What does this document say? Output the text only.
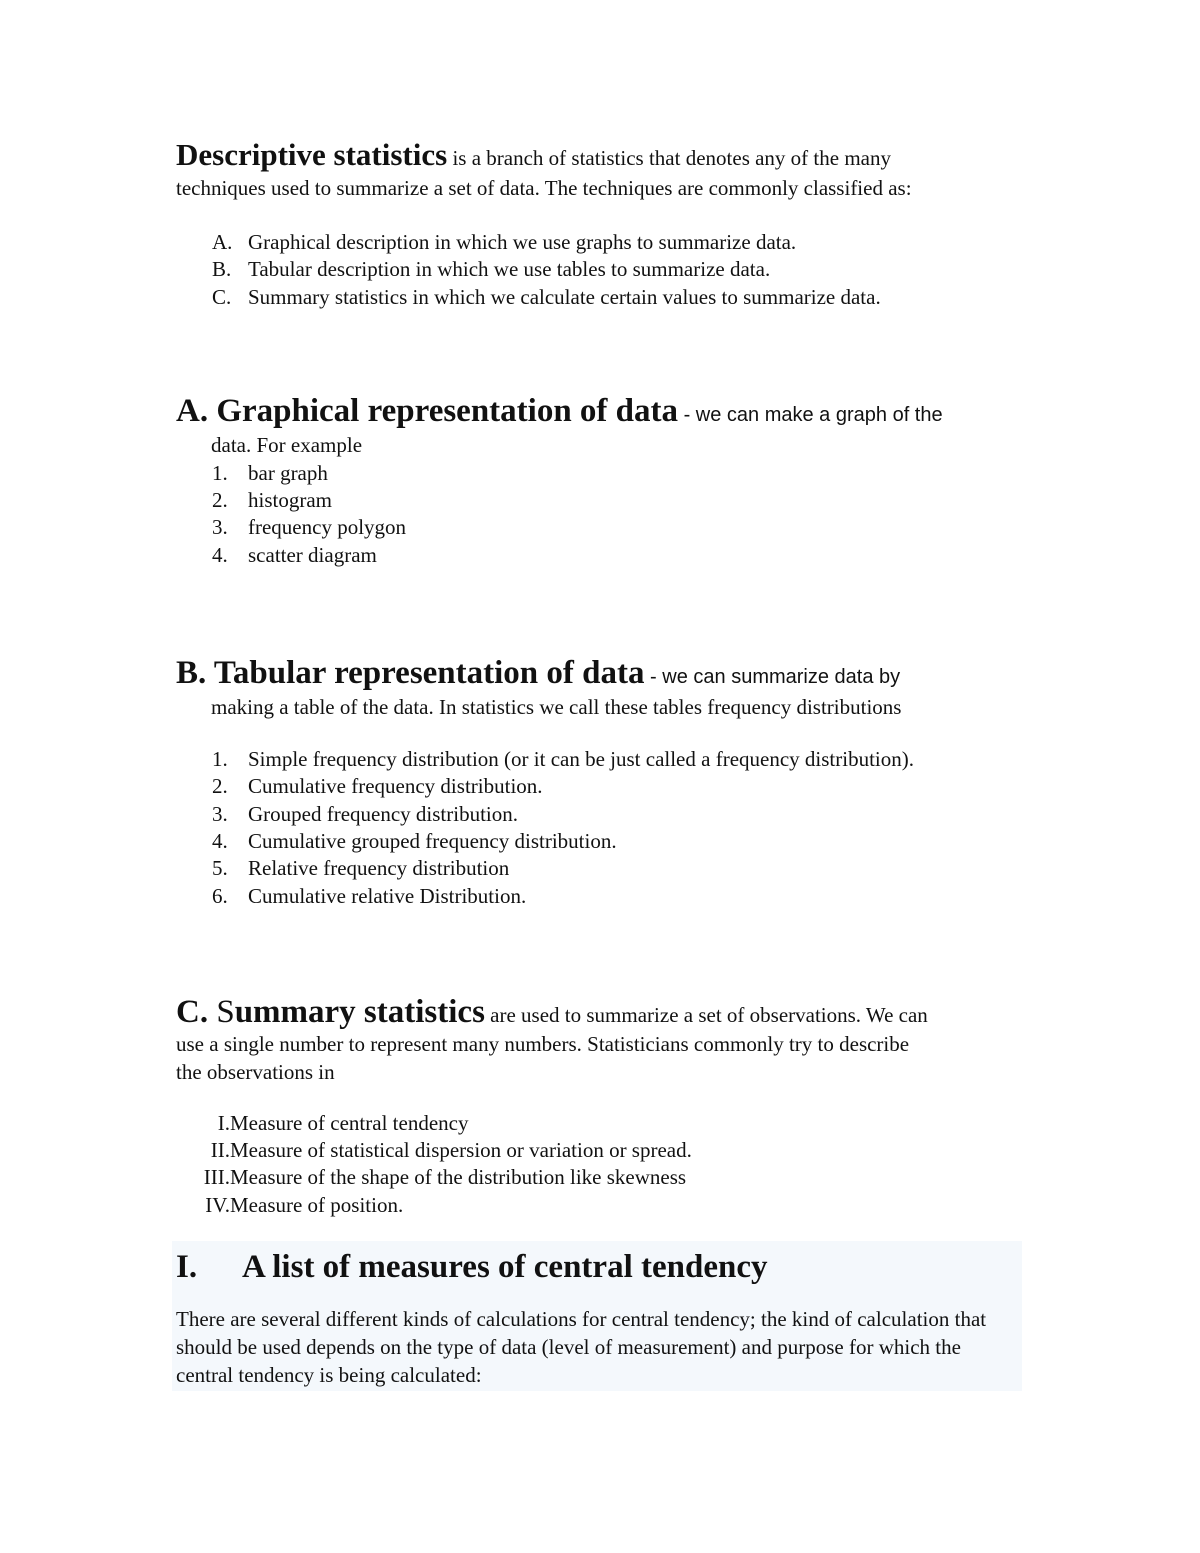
Descriptive statistics is a branch of statistics that denotes any of the many
techniques used to summarize a set of data. The techniques are commonly classified as:

A. Graphical description in which we use graphs to summarize data.
B. Tabular description in which we use tables to summarize data.
C. Summary statistics in which we calculate certain values to summarize data.

A. Graphical representation of data - we can make a graph of the
data. For example

1. bar graph
2. histogram
3. frequency polygon
4. scatter diagram

B. Tabular representation of data - we can summarize data by
making a table of the data. In statistics we call these tables frequency distributions

1. Simple frequency distribution (or it can be just called a frequency distribution).
2. Cumulative frequency distribution.
3. Grouped frequency distribution.
4. Cumulative grouped frequency distribution.
5. Relative frequency distribution
6. Cumulative relative Distribution.

C. Summary statistics are used to summarize a set of observations. We can
use a single number to represent many numbers. Statisticians commonly try to describe
the observations in

I. Measure of central tendency
II. Measure of statistical dispersion or variation or spread.
III. Measure of the shape of the distribution like skewness
IV. Measure of position.
I. A list of measures of central tendency

There are several different kinds of calculations for central tendency; the kind of calculation that should be used depends on the type of data (level of measurement) and purpose for which the central tendency is being calculated:
